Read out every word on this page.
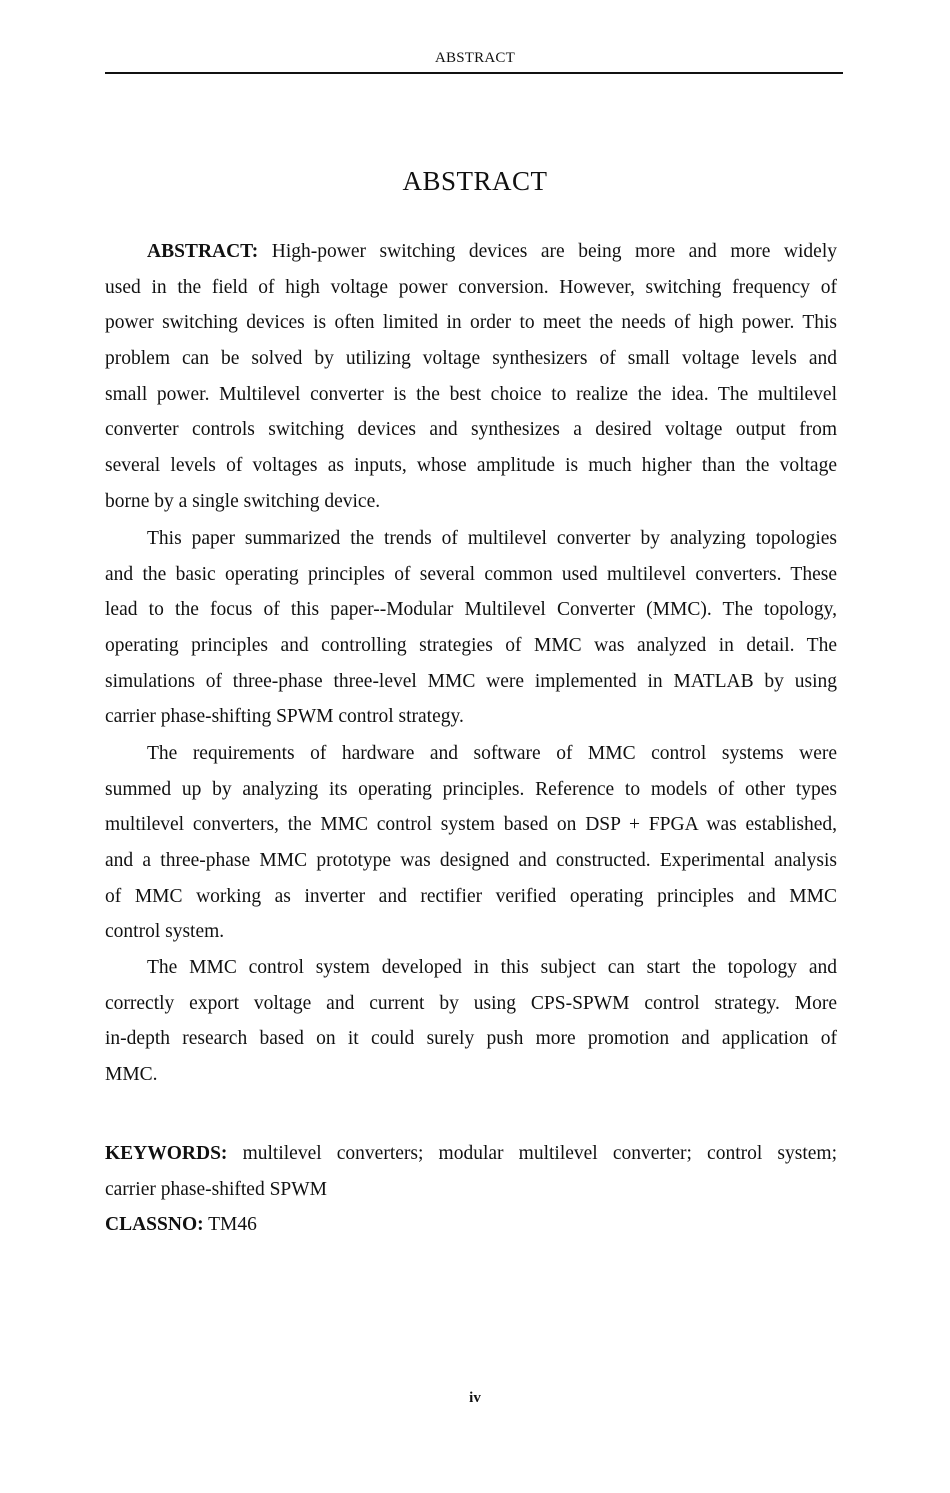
ABSTRACT
ABSTRACT
ABSTRACT: High-power switching devices are being more and more widely
used in the field of high voltage power conversion. However, switching frequency of
power switching devices is often limited in order to meet the needs of high power. This
problem can be solved by utilizing voltage synthesizers of small voltage levels and
small power. Multilevel converter is the best choice to realize the idea. The multilevel
converter controls switching devices and synthesizes a desired voltage output from
several levels of voltages as inputs, whose amplitude is much higher than the voltage
borne by a single switching device.
This paper summarized the trends of multilevel converter by analyzing topologies
and the basic operating principles of several common used multilevel converters. These
lead to the focus of this paper--Modular Multilevel Converter (MMC). The topology,
operating principles and controlling strategies of MMC was analyzed in detail. The
simulations of three-phase three-level MMC were implemented in MATLAB by using
carrier phase-shifting SPWM control strategy.
The requirements of hardware and software of MMC control systems were
summed up by analyzing its operating principles. Reference to models of other types
multilevel converters, the MMC control system based on DSP + FPGA was established,
and a three-phase MMC prototype was designed and constructed. Experimental analysis
of MMC working as inverter and rectifier verified operating principles and MMC
control system.
The MMC control system developed in this subject can start the topology and
correctly export voltage and current by using CPS-SPWM control strategy. More
in-depth research based on it could surely push more promotion and application of
MMC.
KEYWORDS: multilevel converters; modular multilevel converter; control system;
carrier phase-shifted SPWM
CLASSNO: TM46
iv
